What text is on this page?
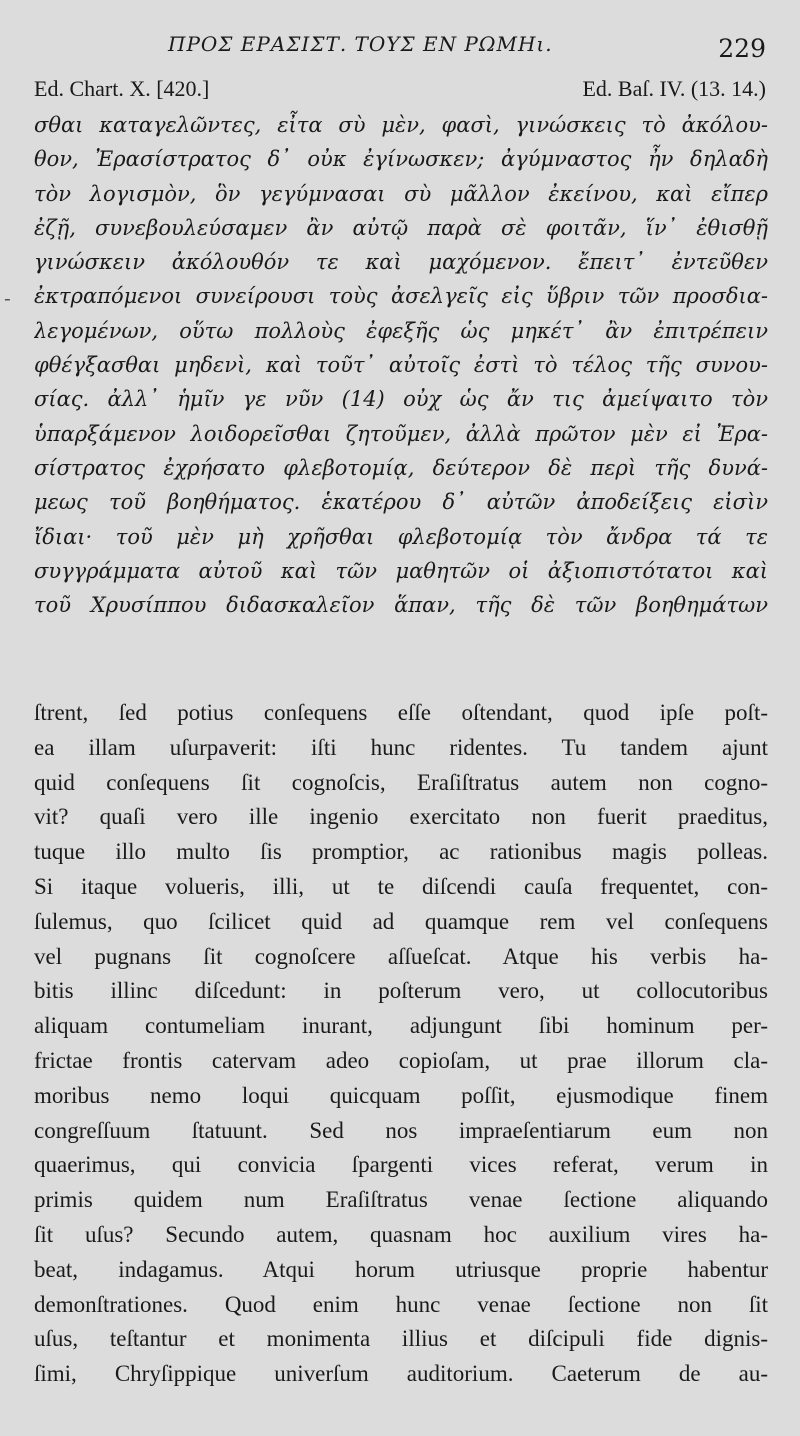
ΠΡΟΣ ΕΡΑΣΙΣΤ. ΤΟΥΣ ΕΝ ΡΩΜΗι.	229
Ed. Chart. X. [420.]	Ed. Baſ. IV. (13. 14.)
-
σθαι καταγελῶντες, εἶτα σὺ μὲν, φασὶ, γινώσκεις τὸ ἀκόλου-
θον, Ἐρασίστρατος δ᾽ οὐκ ἐγίνωσκεν; ἀγύμναστος ἦν δηλαδὴ
τὸν λογισμὸν, ὃν γεγύμνασαι σὺ μᾶλλον ἐκείνου, καὶ εἴπερ
ἐζῇ, συνεβουλεύσαμεν ἂν αὐτῷ παρὰ σὲ φοιτᾶν, ἵν᾽ ἐθισθῇ
γινώσκειν ἀκόλουθόν τε καὶ μαχόμενον. ἔπειτ᾽ ἐντεῦθεν
ἐκτραπόμενοι συνείρουσι τοὺς ἀσελγεῖς εἰς ὕβριν τῶν προσδια-
λεγομένων, οὕτω πολλοὺς ἐφεξῆς ὡς μηκέτ᾽ ἂν ἐπιτρέπειν
φθέγξασθαι μηδενὶ, καὶ τοῦτ᾽ αὐτοῖς ἐστὶ τὸ τέλος τῆς συνου-
σίας. ἀλλ᾽ ἡμῖν γε νῦν (14) οὐχ ὡς ἄν τις ἀμείψαιτο τὸν
ὑπαρξάμενον λοιδορεῖσθαι ζητοῦμεν, ἀλλὰ πρῶτον μὲν εἰ Ἐρα-
σίστρατος ἐχρήσατο φλεβοτομίᾳ, δεύτερον δὲ περὶ τῆς δυνά-
μεως τοῦ βοηθήματος. ἑκατέρου δ᾽ αὐτῶν ἀποδείξεις εἰσὶν
ἴδιαι· τοῦ μὲν μὴ χρῆσθαι φλεβοτομίᾳ τὸν ἄνδρα τά τε
συγγράμματα αὐτοῦ καὶ τῶν μαθητῶν οἱ ἀξιοπιστότατοι καὶ
τοῦ Χρυσίππου διδασκαλεῖον ἅπαν, τῆς δὲ τῶν βοηθημάτων
ſtrent, ſed potius conſequens eſſe oſtendant, quod ipſe poſt-
ea illam uſurpaverit: iſti hunc ridentes. Tu tandem ajunt
quid conſequens ſit cognoſcis, Eraſiſtratus autem non cogno-
vit? quaſi vero ille ingenio exercitato non fuerit praeditus,
tuque illo multo ſis promptior, ac rationibus magis polleas.
Si itaque volueris, illi, ut te diſcendi cauſa frequentet, con-
ſulemus, quo ſcilicet quid ad quamque rem vel conſequens
vel pugnans ſit cognoſcere aſſueſcat. Atque his verbis ha-
bitis illinc diſcedunt: in poſterum vero, ut collocutoribus
aliquam contumeliam inurant, adjungunt ſibi hominum per-
frictae frontis catervam adeo copioſam, ut prae illorum cla-
moribus nemo loqui quicquam poſſit, ejusmodique finem
congreſſuum ſtatuunt. Sed nos impraeſentiarum eum non
quaerimus, qui convicia ſpargenti vices referat, verum in
primis quidem num Eraſiſtratus venae ſectione aliquando
ſit uſus? Secundo autem, quasnam hoc auxilium vires ha-
beat, indagamus. Atqui horum utriusque proprie habentur
demonſtrationes. Quod enim hunc venae ſectione non ſit
uſus, teſtantur et monimenta illius et diſcipuli fide dignis-
ſimi, Chryſippique univerſum auditorium. Caeterum de au-
